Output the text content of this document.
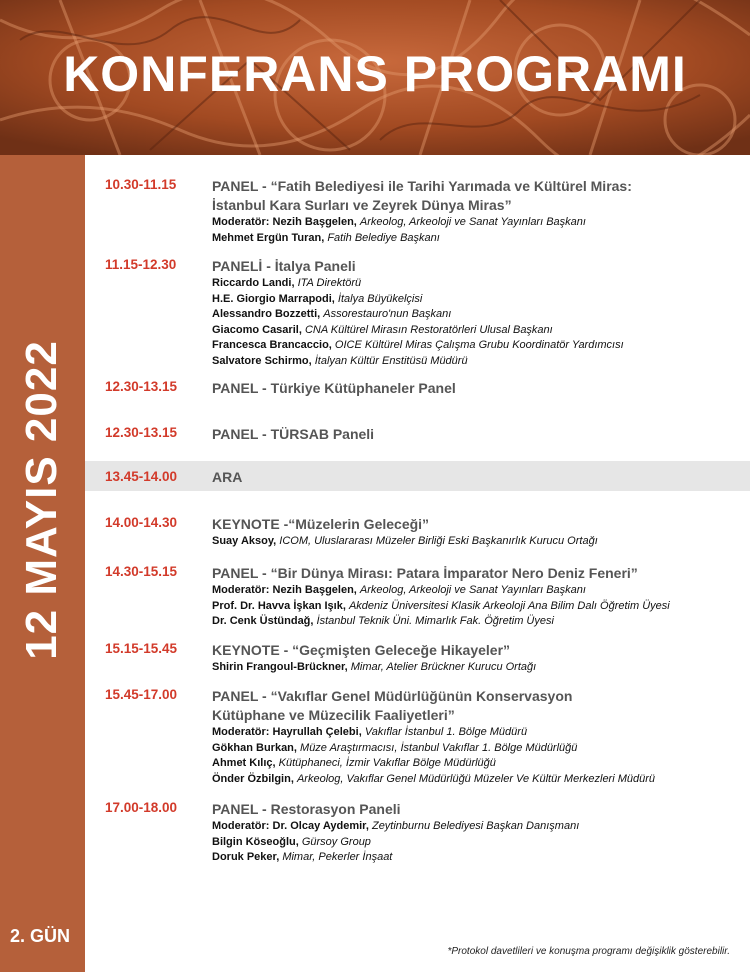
KONFERANS PROGRAMI
12 MAYIS 2022
2. GÜN
10.30-11.15	PANEL - “Fatih Belediyesi ile Tarihi Yarımada ve Kültürel Miras:
İstanbul Kara Surları ve Zeyrek Dünya Miras”
Moderatör: Nezih Başgelen, Arkeolog, Arkeoloji ve Sanat Yayınları Başkanı
Mehmet Ergün Turan, Fatih Belediye Başkanı
11.15-12.30	PANELİ - İtalya Paneli
Riccardo Landi, ITA Direktörü
H.E. Giorgio Marrapodi, İtalya Büyükelçisi
Alessandro Bozzetti, Assorestauro'nun Başkanı
Giacomo Casaril, CNA Kültürel Mirasın Restoratörleri Ulusal Başkanı
Francesca Brancaccio, OICE Kültürel Miras Çalışma Grubu Koordinatör Yardımcısı
Salvatore Schirmo, İtalyan Kültür Enstitüsü Müdürü
12.30-13.15 PANEL - Türkiye Kütüphaneler Panel
12.30-13.15 PANEL - TÜRSAB Paneli
13.45-14.00 ARA
14.00-14.30 KEYNOTE -“Müzelerin Geleceği”
Suay Aksoy, ICOM, Uluslararası Müzeler Birliği Eski Başkanırlık Kurucu Ortağı
14.30-15.15 PANEL - “Bir Dünya Mirası: Patara İmparator Nero Deniz Feneri”
Moderatör: Nezih Başgelen, Arkeolog, Arkeoloji ve Sanat Yayınları Başkanı
Prof. Dr. Havva İşkan Işık, Akdeniz Üniversitesi Klasik Arkeoloji Ana Bilim Dalı Öğretim Üyesi
Dr. Cenk Üstündağ, İstanbul Teknik Üni. Mimarlık Fak. Öğretim Üyesi
15.15-15.45 KEYNOTE - “Geçmişten Geleceğe Hikayeler”
Shirin Frangoul-Brückner, Mimar, Atelier Brückner Kurucu Ortağı
15.45-17.00 PANEL - “Vakıflar Genel Müdürlüğünün Konservasyon
Kütüphane ve Müzecilik Faaliyetleri”
Moderatör: Hayrullah Çelebi, Vakıflar İstanbul 1. Bölge Müdürü
Gökhan Burkan, Müze Araştırmacısı, İstanbul Vakıflar 1. Bölge Müdürlüğü
Ahmet Kılıç, Kütüphaneci, İzmir Vakıflar Bölge Müdürlüğü
Önder Özbilgin, Arkeolog, Vakıflar Genel Müdürlüğü Müzeler Ve Kültür Merkezleri Müdürü
17.00-18.00 PANEL - Restorasyon Paneli
Moderatör: Dr. Olcay Aydemir, Zeytinburnu Belediyesi Başkan Danışmanı
Bilgin Köseoğlu, Gürsoy Group
Doruk Peker, Mimar, Pekerler İnşaat
*Protokol davetlileri ve konuşma programı değişiklik gösterebilir.
